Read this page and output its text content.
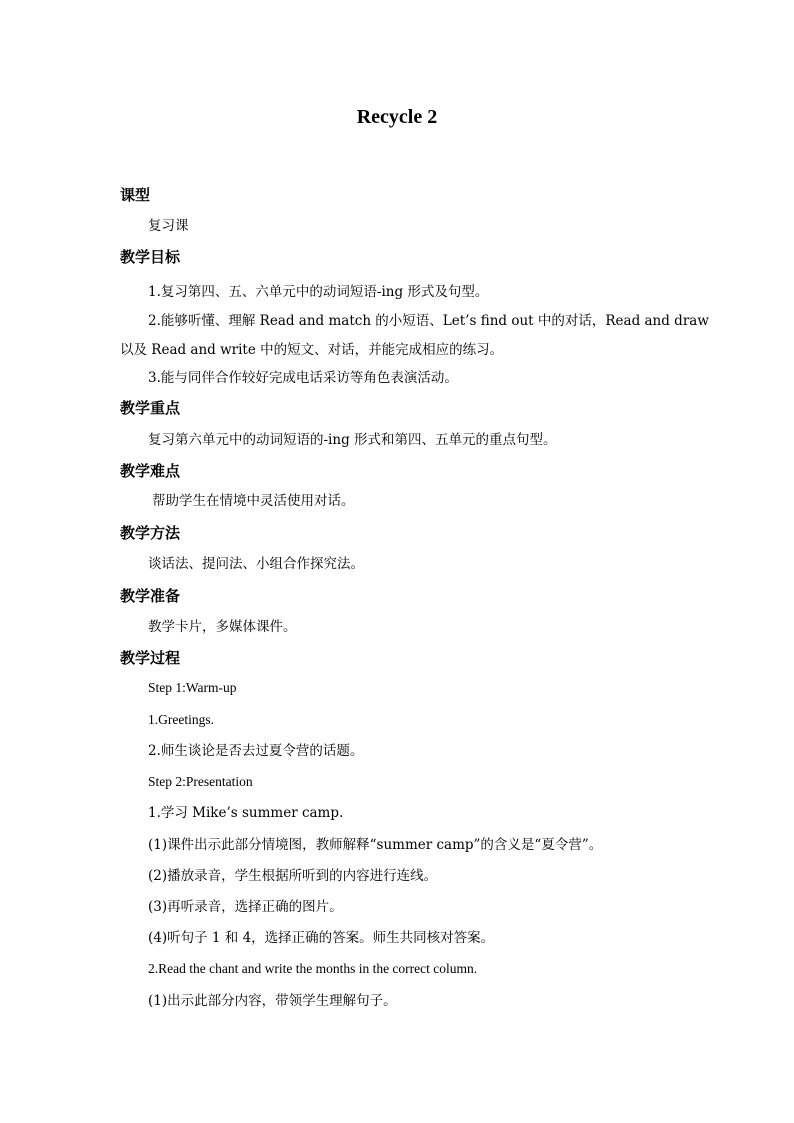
Recycle 2
课型
复习课
教学目标
1.复习第四、五、六单元中的动词短语-ing 形式及句型。
2.能够听懂、理解 Read and match 的小短语、Let’s find out 中的对话，Read and draw
以及 Read and write 中的短文、对话，并能完成相应的练习。
3.能与同伴合作较好完成电话采访等角色表演活动。
教学重点
复习第六单元中的动词短语的-ing 形式和第四、五单元的重点句型。
教学难点
帮助学生在情境中灵活使用对话。
教学方法
谈话法、提问法、小组合作探究法。
教学准备
教学卡片，多媒体课件。
教学过程
Step 1:Warm-up
1.Greetings.
2.师生谈论是否去过夏令营的话题。
Step 2:Presentation
1.学习 Mike’s summer camp.
(1)课件出示此部分情境图，教师解释“summer camp”的含义是“夏令营”。
(2)播放录音，学生根据所听到的内容进行连线。
(3)再听录音，选择正确的图片。
(4)听句子 1 和 4，选择正确的答案。师生共同核对答案。
2.Read the chant and write the months in the correct column.
(1)出示此部分内容，带领学生理解句子。
